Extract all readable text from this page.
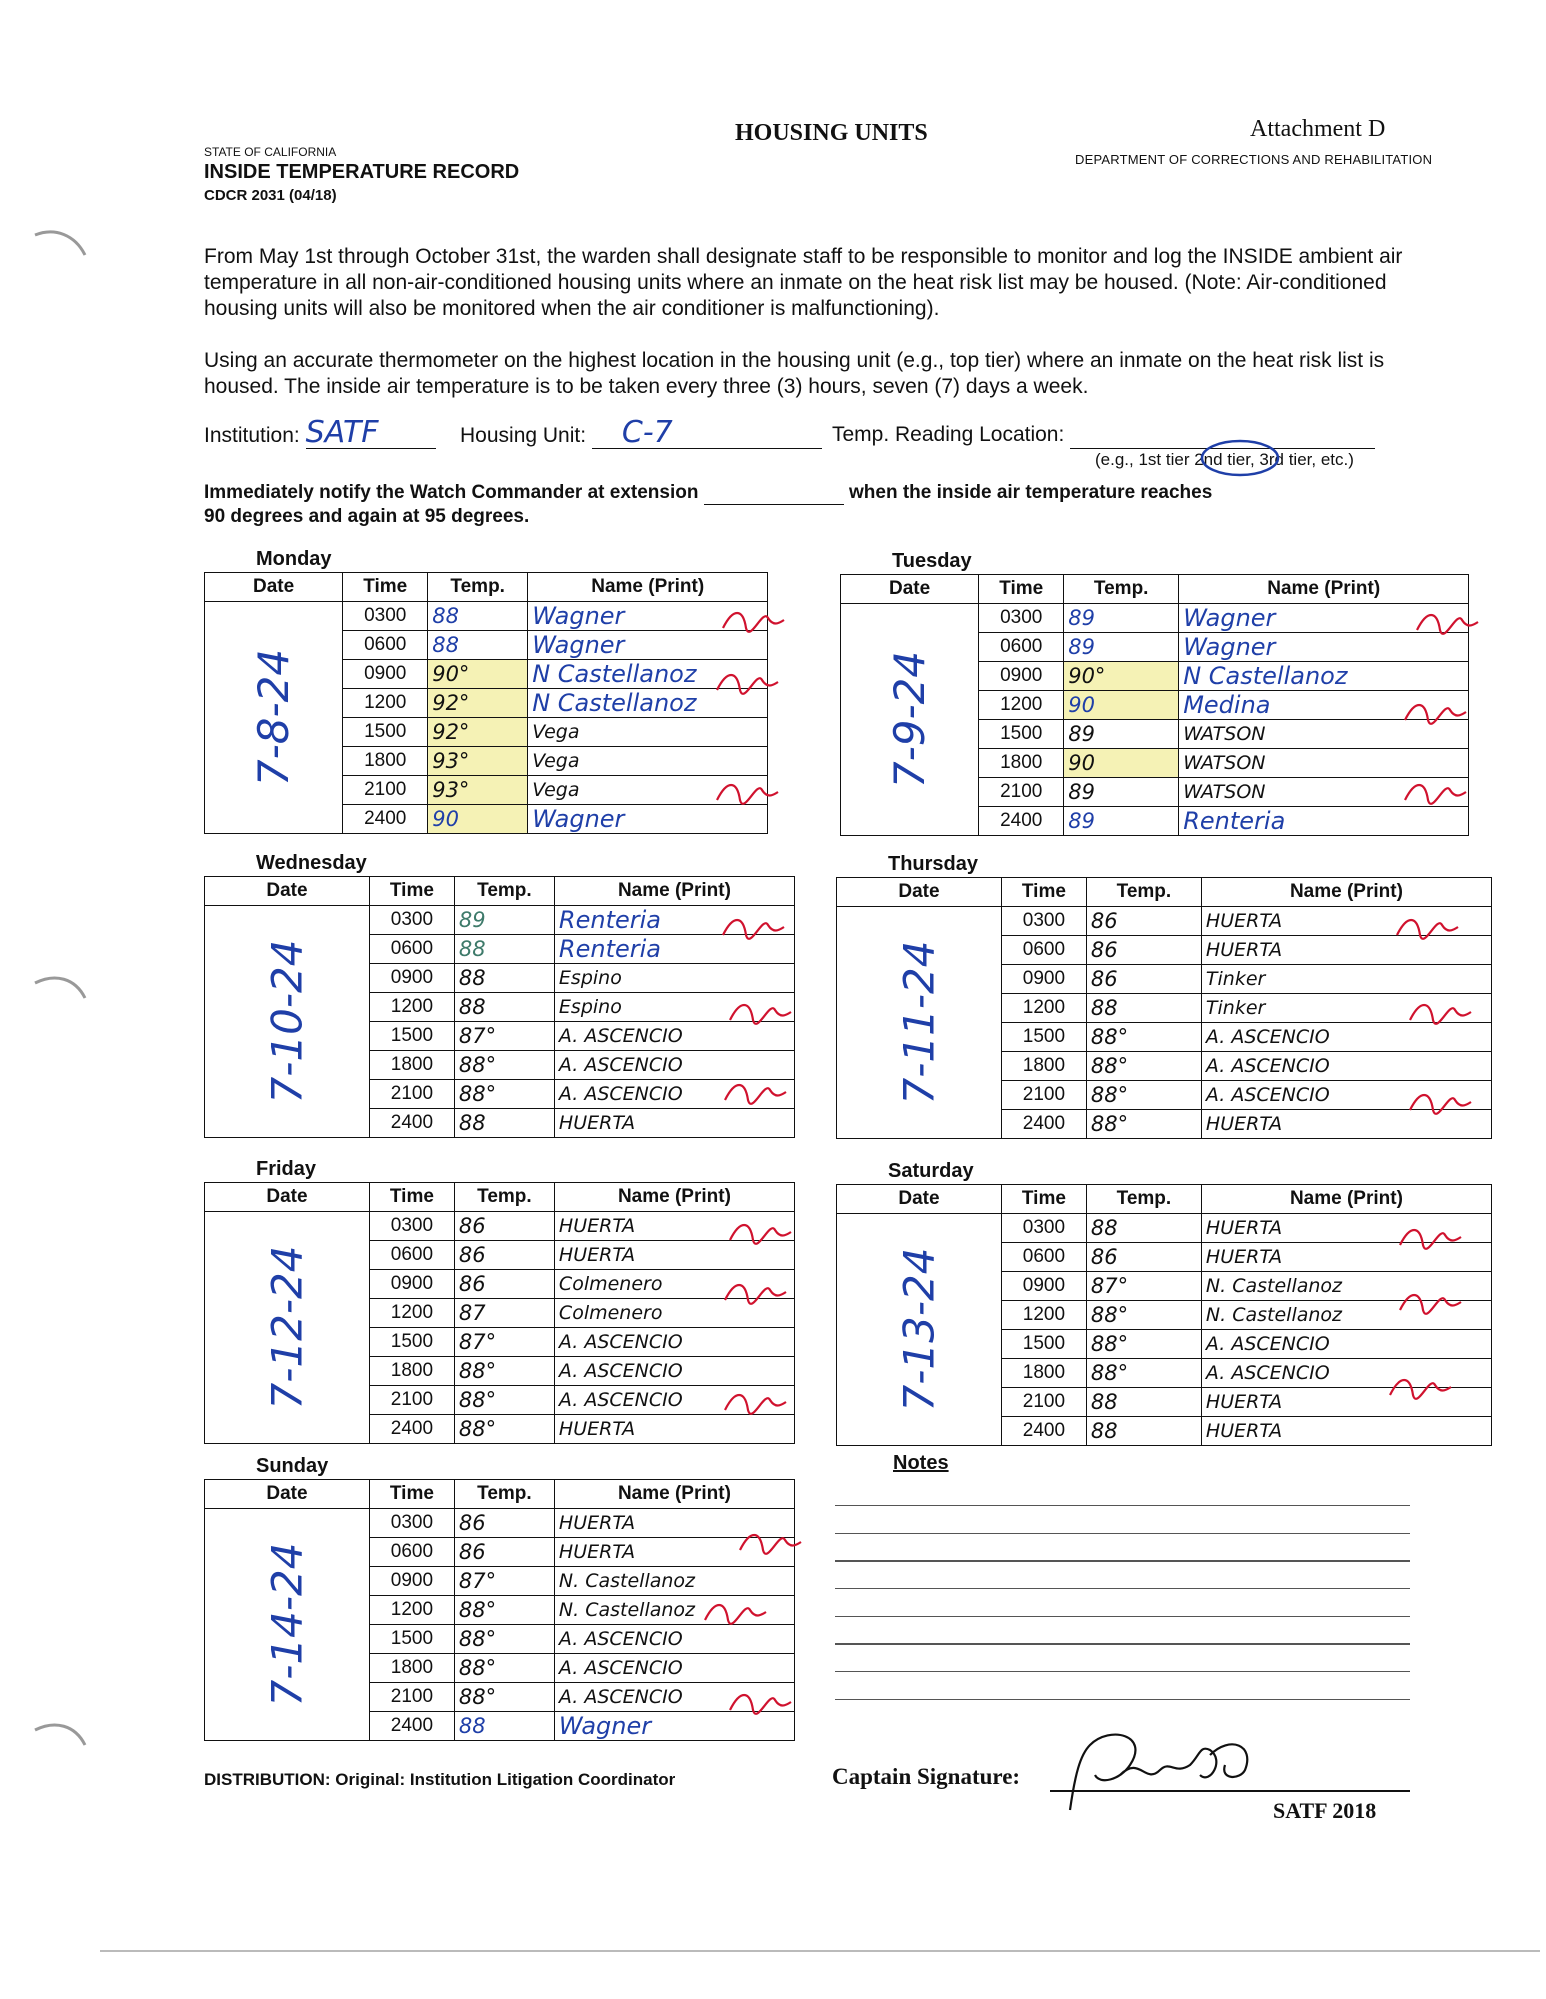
HOUSING UNITS	Attachment D
DEPARTMENT OF CORRECTIONS AND REHABILITATION
STATE OF CALIFORNIA
INSIDE TEMPERATURE RECORD
CDCR 2031 (04/18)
From May 1st through October 31st, the warden shall designate staff to be responsible to monitor and log the INSIDE ambient air temperature in all non-air-conditioned housing units where an inmate on the heat risk list may be housed. (Note: Air-conditioned housing units will also be monitored when the air conditioner is malfunctioning).
Using an accurate thermometer on the highest location in the housing unit (e.g., top tier) where an inmate on the heat risk list is housed. The inside air temperature is to be taken every three (3) hours, seven (7) days a week.
Institution: SATF	Housing Unit: C-7	Temp. Reading Location:
(e.g., 1st tier 2nd tier, 3rd tier, etc.)
Immediately notify the Watch Commander at extension	when the inside air temperature reaches
90 degrees and again at 95 degrees.
Monday
Date	Time	Temp.	Name (Print)
7-8-24	0300	88	Wagner
	0600	88	Wagner
	0900	90°	N Castellanoz
	1200	92°	N Castellanoz
	1500	92°	Vega
	1800	93°	Vega
	2100	93°	Vega
	2400	90	Wagner
Tuesday
Date	Time	Temp.	Name (Print)
7-9-24	0300	89	Wagner
	0600	89	Wagner
	0900	90°	N Castellanoz
	1200	90	Medina
	1500	89	WATSON
	1800	90	WATSON
	2100	89	WATSON
	2400	89	Renteria
Wednesday
Date	Time	Temp.	Name (Print)
7-10-24	0300	89	Renteria
	0600	88	Renteria
	0900	88	Espino
	1200	88	Espino
	1500	87°	A. ASCENCIO
	1800	88°	A. ASCENCIO
	2100	88°	A. ASCENCIO
	2400	88	HUERTA
Thursday
Date	Time	Temp.	Name (Print)
7-11-24	0300	86	HUERTA
	0600	86	HUERTA
	0900	86	Tinker
	1200	88	Tinker
	1500	88°	A. ASCENCIO
	1800	88°	A. ASCENCIO
	2100	88°	A. ASCENCIO
	2400	88°	HUERTA
Friday
Date	Time	Temp.	Name (Print)
7-12-24	0300	86	HUERTA
	0600	86	HUERTA
	0900	86	Colmenero
	1200	87	Colmenero
	1500	87°	A. ASCENCIO
	1800	88°	A. ASCENCIO
	2100	88°	A. ASCENCIO
	2400	88°	HUERTA
Saturday
Date	Time	Temp.	Name (Print)
7-13-24	0300	88	HUERTA
	0600	86	HUERTA
	0900	87°	N. Castellanoz
	1200	88°	N. Castellanoz
	1500	88°	A. ASCENCIO
	1800	88°	A. ASCENCIO
	2100	88	HUERTA
	2400	88	HUERTA
Sunday
Date	Time	Temp.	Name (Print)
7-14-24	0300	86	HUERTA
	0600	86	HUERTA
	0900	87°	N. Castellanoz
	1200	88°	N. Castellanoz
	1500	88°	A. ASCENCIO
	1800	88°	A. ASCENCIO
	2100	88°	A. ASCENCIO
	2400	88	Wagner
Notes
DISTRIBUTION: Original: Institution Litigation Coordinator	Captain Signature:
SATF 2018
